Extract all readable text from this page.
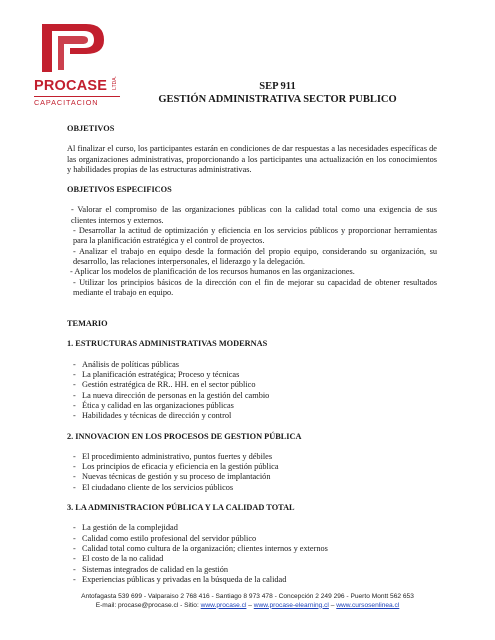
PROCASE LTDA.
CAPACITACION
SEP 911
GESTIÓN ADMINISTRATIVA SECTOR PUBLICO

OBJETIVOS

Al finalizar el curso, los participantes estarán en condiciones de dar respuestas a las necesidades específicas de las organizaciones administrativas, proporcionando a los participantes una actualización en los conocimientos y habilidades propias de las estructuras administrativas.

OBJETIVOS ESPECIFICOS

- Valorar el compromiso de las organizaciones públicas con la calidad total como una exigencia de sus clientes internos y externos.
- Desarrollar la actitud de optimización y eficiencia en los servicios públicos y proporcionar herramientas para la planificación estratégica y el control de proyectos.
- Analizar el trabajo en equipo desde la formación del propio equipo, considerando su organización, su desarrollo, las relaciones interpersonales, el liderazgo y la delegación.
- Aplicar los modelos de planificación de los recursos humanos en las organizaciones.
- Utilizar los principios básicos de la dirección con el fin de mejorar su capacidad de obtener resultados mediante el trabajo en equipo.

TEMARIO

1. ESTRUCTURAS ADMINISTRATIVAS MODERNAS

- Análisis de políticas públicas
- La planificación estratégica; Proceso y técnicas
- Gestión estratégica de RR.. HH. en el sector público
- La nueva dirección de personas en la gestión del cambio
- Ética y calidad en las organizaciones públicas
- Habilidades y técnicas de dirección y control

2. INNOVACION EN LOS PROCESOS DE GESTION PÚBLICA

- El procedimiento administrativo, puntos fuertes y débiles
- Los principios de eficacia y eficiencia en la gestión pública
- Nuevas técnicas de gestión y su proceso de implantación
- El ciudadano cliente de los servicios públicos

3. LA ADMINISTRACION PÚBLICA Y LA CALIDAD TOTAL

- La gestión de la complejidad
- Calidad como estilo profesional del servidor público
- Calidad total como cultura de la organización; clientes internos y externos
- El costo de la no calidad
- Sistemas integrados de calidad en la gestión
- Experiencias públicas y privadas en la búsqueda de la calidad
Antofagasta 539 699 - Valparaiso 2 768 416 - Santiago 8 973 478 - Concepción 2 249 296 - Puerto Montt 562 653
E-mail: procase@procase.cl - Sitio: www.procase.cl – www.procase-elearning.cl – www.cursosenlinea.cl
